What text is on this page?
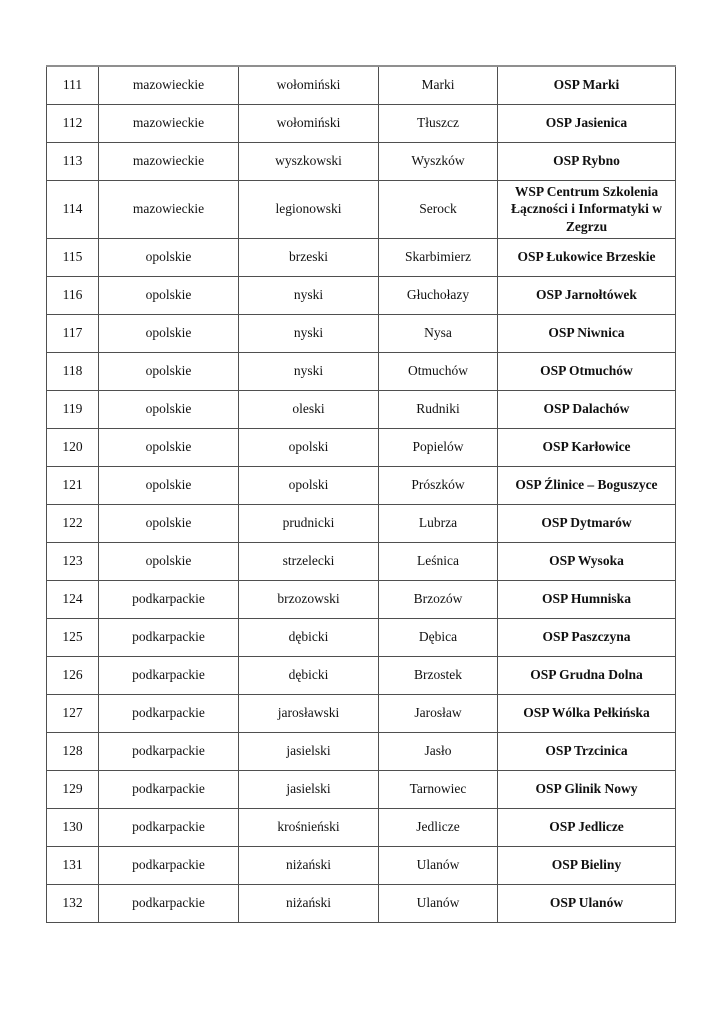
111	mazowieckie	wołomiński	Marki	OSP Marki
112	mazowieckie	wołomiński	Tłuszcz	OSP Jasienica
113	mazowieckie	wyszkowski	Wyszków	OSP Rybno
114	mazowieckie	legionowski	Serock	WSP Centrum Szkolenia Łączności i Informatyki w Zegrzu
115	opolskie	brzeski	Skarbimierz	OSP Łukowice Brzeskie
116	opolskie	nyski	Głuchołazy	OSP Jarnołtówek
117	opolskie	nyski	Nysa	OSP Niwnica
118	opolskie	nyski	Otmuchów	OSP Otmuchów
119	opolskie	oleski	Rudniki	OSP Dalachów
120	opolskie	opolski	Popielów	OSP Karłowice
121	opolskie	opolski	Prószków	OSP Źlinice – Boguszyce
122	opolskie	prudnicki	Lubrza	OSP Dytmarów
123	opolskie	strzelecki	Leśnica	OSP Wysoka
124	podkarpackie	brzozowski	Brzozów	OSP Humniska
125	podkarpackie	dębicki	Dębica	OSP Paszczyna
126	podkarpackie	dębicki	Brzostek	OSP Grudna Dolna
127	podkarpackie	jarosławski	Jarosław	OSP Wólka Pełkińska
128	podkarpackie	jasielski	Jasło	OSP Trzcinica
129	podkarpackie	jasielski	Tarnowiec	OSP Glinik Nowy
130	podkarpackie	krośnieński	Jedlicze	OSP Jedlicze
131	podkarpackie	niżański	Ulanów	OSP Bieliny
132	podkarpackie	niżański	Ulanów	OSP Ulanów
